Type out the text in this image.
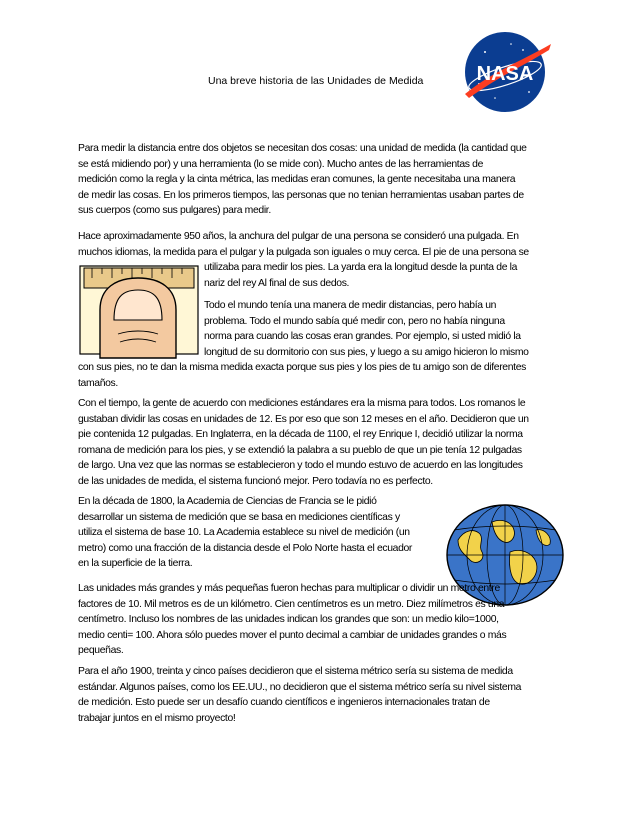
Una breve historia de las Unidades de Medida	NASA
Para medir la distancia entre dos objetos se necesitan dos cosas: una unidad de medida (la cantidad que
se está midiendo por) y una herramienta (lo se mide con). Mucho antes de las herramientas de
medición como la regla y la cinta métrica, las medidas eran comunes, la gente necesitaba una manera
de medir las cosas. En los primeros tiempos, las personas que no tenian herramientas usaban partes de
sus cuerpos (como sus pulgares) para medir.
Hace aproximadamente 950 años, la anchura del pulgar de una persona se consideró una pulgada. En
muchos idiomas, la medida para el pulgar y la pulgada son iguales o muy cerca. El pie de una persona se
utilizaba para medir los pies. La yarda era la longitud desde la punta de la
nariz del rey Al final de sus dedos.
Todo el mundo tenía una manera de medir distancias, pero había un
problema. Todo el mundo sabía qué medir con, pero no había ninguna
norma para cuando las cosas eran grandes. Por ejemplo, si usted midió la
longitud de su dormitorio con sus pies, y luego a su amigo hicieron lo mismo
con sus pies, no te dan la misma medida exacta porque sus pies y los pies de tu amigo son de diferentes
tamaños.
Con el tiempo, la gente de acuerdo con mediciones estándares era la misma para todos. Los romanos le
gustaban dividir las cosas en unidades de 12. Es por eso que son 12 meses en el año. Decidieron que un
pie contenida 12 pulgadas. En Inglaterra, en la década de 1100, el rey Enrique I, decidió utilizar la norma
romana de medición para los pies, y se extendió la palabra a su pueblo de que un pie tenía 12 pulgadas
de largo. Una vez que las normas se establecieron y todo el mundo estuvo de acuerdo en las longitudes
de las unidades de medida, el sistema funcionó mejor. Pero todavía no es perfecto.
En la década de 1800, la Academia de Ciencias de Francia se le pidió
desarrollar un sistema de medición que se basa en mediciones científicas y
utiliza el sistema de base 10. La Academia establece su nivel de medición (un
metro) como una fracción de la distancia desde el Polo Norte hasta el ecuador
en la superficie de la tierra.
Las unidades más grandes y más pequeñas fueron hechas para multiplicar o dividir un metro entre
factores de 10. Mil metros es de un kilómetro. Cien centímetros es un metro. Diez milímetros es una
centímetro. Incluso los nombres de las unidades indican los grandes que son: un medio kilo=1000,
medio centi= 100. Ahora sólo puedes mover el punto decimal a cambiar de unidades grandes o más
pequeñas.
Para el año 1900, treinta y cinco países decidieron que el sistema métrico sería su sistema de medida
estándar. Algunos países, como los EE.UU., no decidieron que el sistema métrico sería su nivel sistema
de medición. Esto puede ser un desafío cuando científicos e ingenieros internacionales tratan de
trabajar juntos en el mismo proyecto!
